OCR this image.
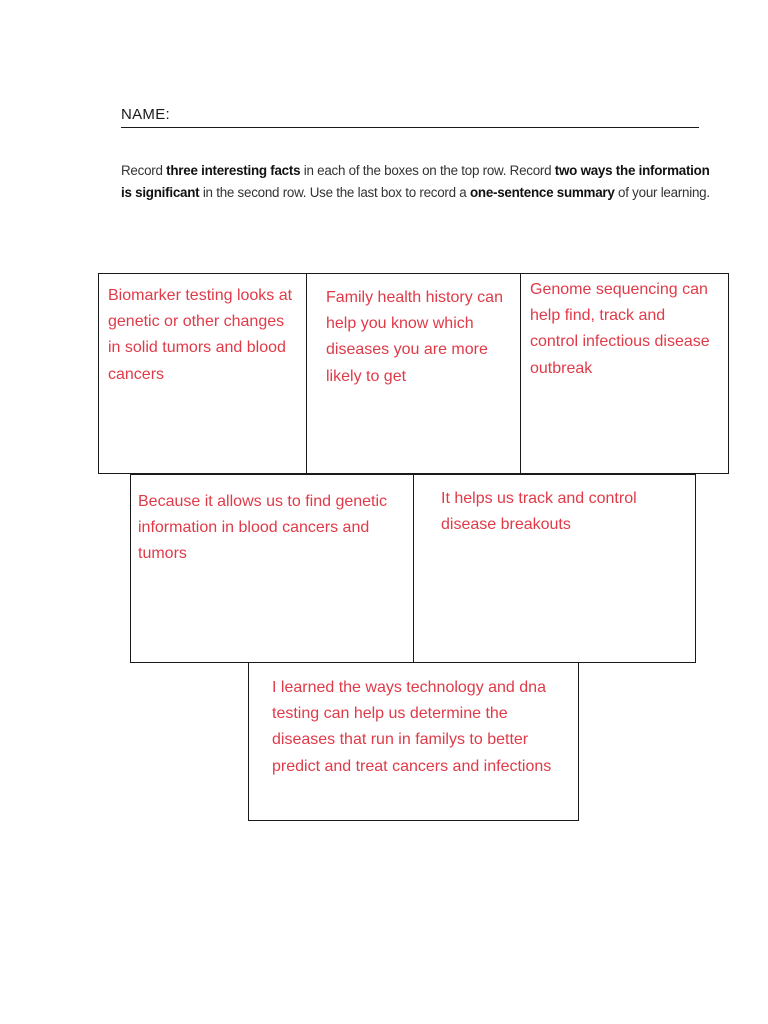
NAME:
Record three interesting facts in each of the boxes on the top row. Record two ways the information is significant in the second row. Use the last box to record a one-sentence summary of your learning.
Biomarker testing looks at genetic or other changes in solid tumors and blood cancers
Family health history can help you know which diseases you are more likely to get
Genome sequencing can help find, track and control infectious disease outbreak
Because it allows us to find genetic information in blood cancers and tumors
It helps us track and control disease breakouts
I learned the ways technology and dna testing can help us determine the diseases that run in familys to better predict and treat cancers and infections
